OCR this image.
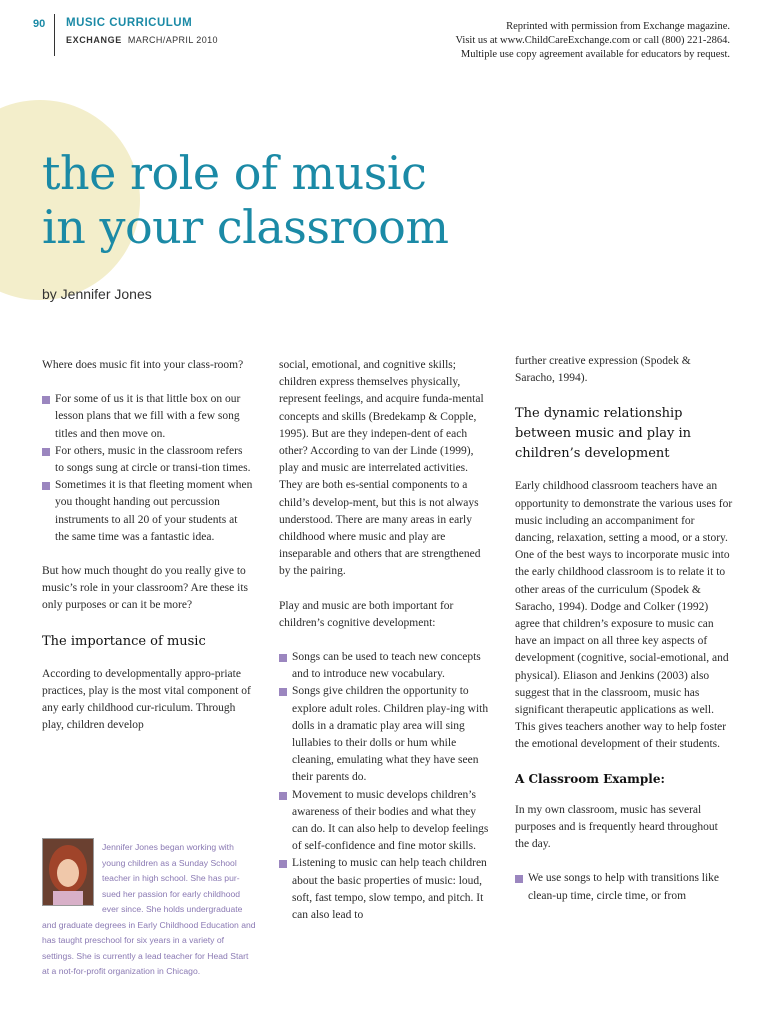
90 MUSIC CURRICULUM
EXCHANGE MARCH/APRIL 2010
Reprinted with permission from Exchange magazine.
Visit us at www.ChildCareExchange.com or call (800) 221-2864.
Multiple use copy agreement available for educators by request.
the role of music
in your classroom
by Jennifer Jones

Where does music fit into your class-room?

For some of us it is that little box on our lesson plans that we fill with a few song titles and then move on.
For others, music in the classroom refers to songs sung at circle or transi-tion times.
Sometimes it is that fleeting moment when you thought handing out percussion instruments to all 20 of your students at the same time was a fantastic idea.

But how much thought do you really give to music’s role in your classroom? Are these its only purposes or can it be more?

The importance of music

According to developmentally appro-priate practices, play is the most vital component of any early childhood cur-riculum. Through play, children develop

Jennifer Jones began working with
young children as a Sunday School
teacher in high school. She has pur-
sued her passion for early childhood
ever since. She holds undergraduate
and graduate degrees in Early Childhood Education and has taught preschool for six years in a variety of settings. She is currently a lead teacher for Head Start at a not-for-profit organization in Chicago.

social, emotional, and cognitive skills; children express themselves physically, represent feelings, and acquire funda-mental concepts and skills (Bredekamp & Copple, 1995). But are they indepen-dent of each other? According to van der Linde (1999), play and music are interrelated activities. They are both es-sential components to a child’s develop-ment, but this is not always understood. There are many areas in early childhood where music and play are inseparable and others that are strengthened by the pairing.

Play and music are both important for children’s cognitive development:

Songs can be used to teach new concepts and to introduce new vocabulary.
Songs give children the opportunity to explore adult roles. Children play-ing with dolls in a dramatic play area will sing lullabies to their dolls or hum while cleaning, emulating what they have seen their parents do.
Movement to music develops children’s awareness of their bodies and what they can do. It can also help to develop feelings of self-confidence and fine motor skills.
Listening to music can help teach children about the basic properties of music: loud, soft, fast tempo, slow tempo, and pitch. It can also lead to

further creative expression (Spodek & Saracho, 1994).

The dynamic relationship between music and play in children’s development

Early childhood classroom teachers have an opportunity to demonstrate the various uses for music including an accompaniment for dancing, relaxation, setting a mood, or a story. One of the best ways to incorporate music into the early childhood classroom is to relate it to other areas of the curriculum (Spodek & Saracho, 1994). Dodge and Colker (1992) agree that children’s exposure to music can have an impact on all three key aspects of development (cognitive, social-emotional, and physical). Eliason and Jenkins (2003) also suggest that in the classroom, music has significant therapeutic applications as well. This gives teachers another way to help foster the emotional development of their students.

A Classroom Example:

In my own classroom, music has several purposes and is frequently heard throughout the day.

We use songs to help with transitions like clean-up time, circle time, or from
